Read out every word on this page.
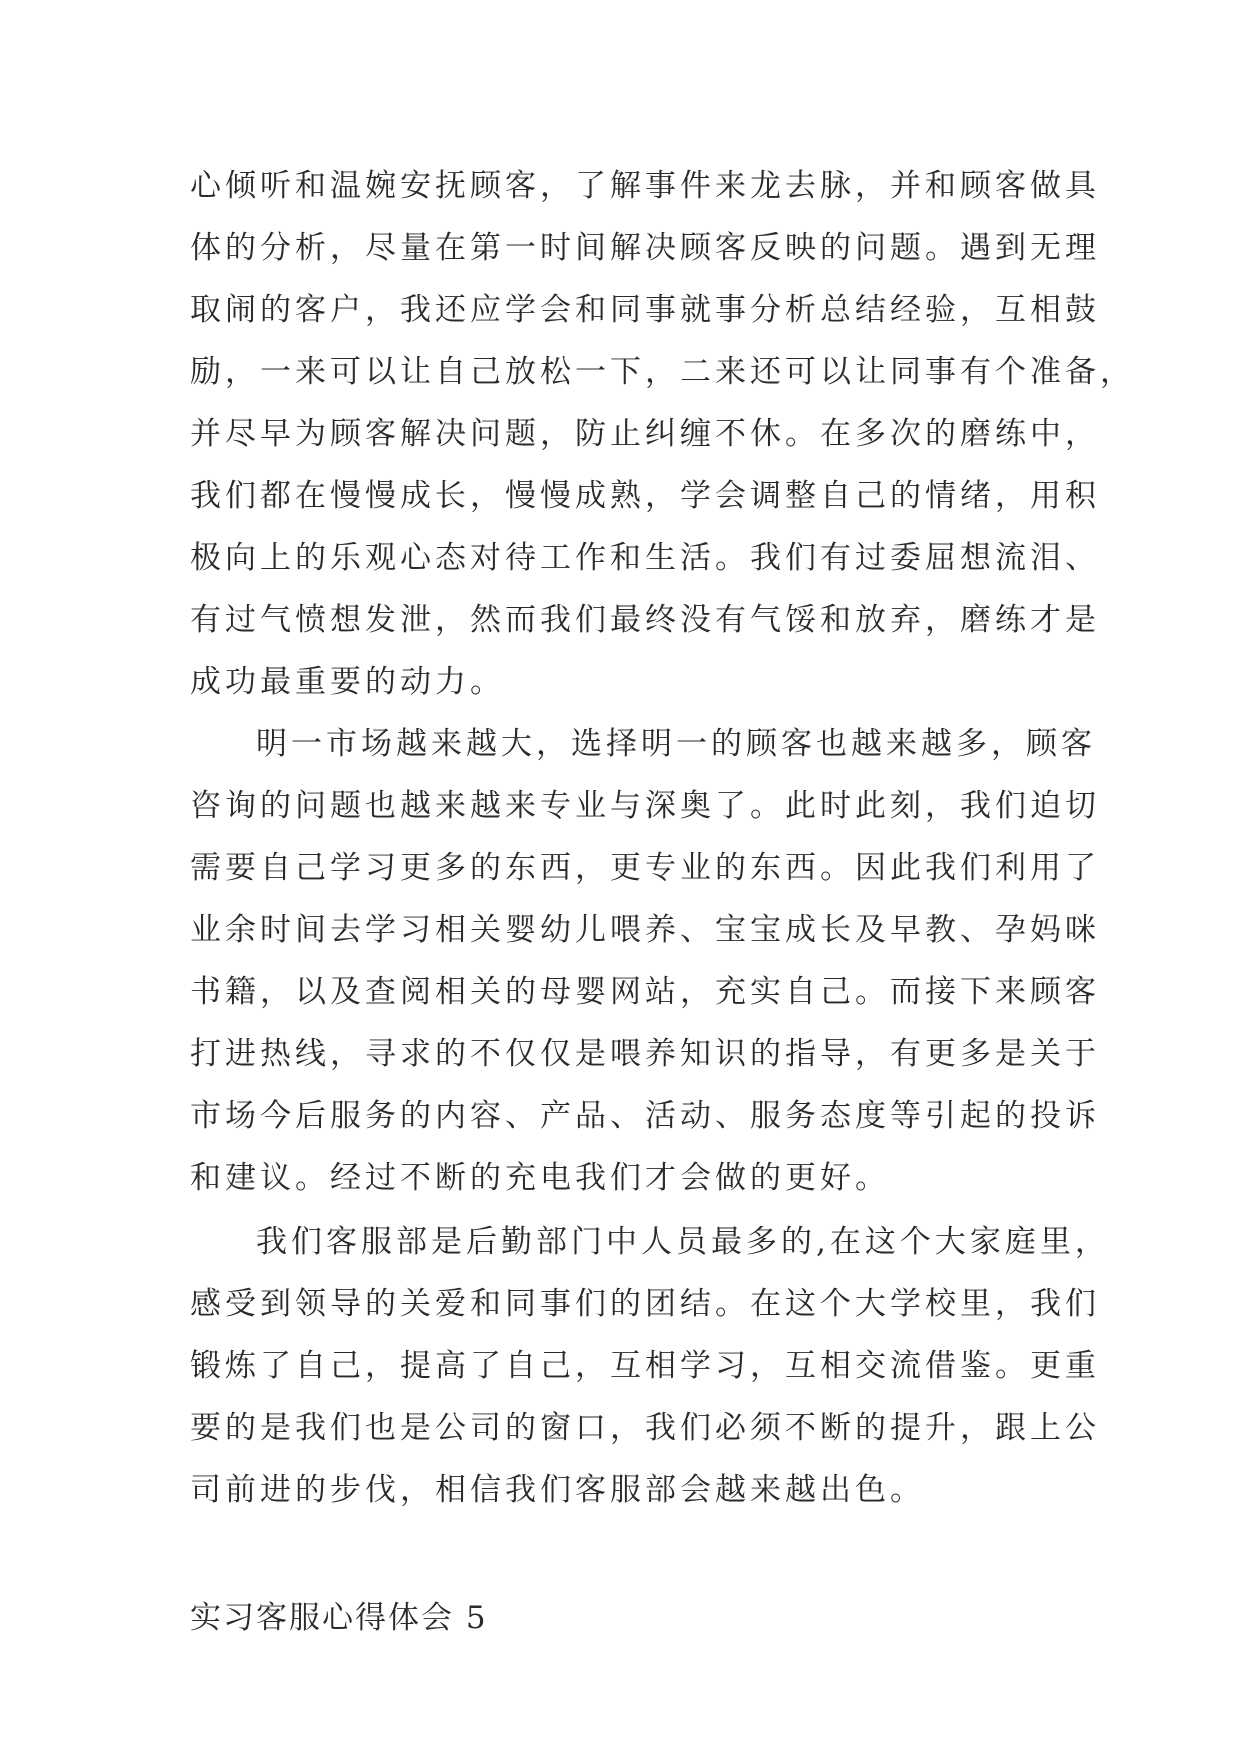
心倾听和温婉安抚顾客，了解事件来龙去脉，并和顾客做具
体的分析，尽量在第一时间解决顾客反映的问题。遇到无理
取闹的客户，我还应学会和同事就事分析总结经验，互相鼓
励，一来可以让自己放松一下，二来还可以让同事有个准备，
并尽早为顾客解决问题，防止纠缠不休。在多次的磨练中，
我们都在慢慢成长，慢慢成熟，学会调整自己的情绪，用积
极向上的乐观心态对待工作和生活。我们有过委屈想流泪、
有过气愤想发泄，然而我们最终没有气馁和放弃，磨练才是
成功最重要的动力。
明一市场越来越大，选择明一的顾客也越来越多，顾客
咨询的问题也越来越来专业与深奥了。此时此刻，我们迫切
需要自己学习更多的东西，更专业的东西。因此我们利用了
业余时间去学习相关婴幼儿喂养、宝宝成长及早教、孕妈咪
书籍，以及查阅相关的母婴网站，充实自己。而接下来顾客
打进热线，寻求的不仅仅是喂养知识的指导，有更多是关于
市场今后服务的内容、产品、活动、服务态度等引起的投诉
和建议。经过不断的充电我们才会做的更好。
我们客服部是后勤部门中人员最多的,在这个大家庭里，
感受到领导的关爱和同事们的团结。在这个大学校里，我们
锻炼了自己，提高了自己，互相学习，互相交流借鉴。更重
要的是我们也是公司的窗口，我们必须不断的提升，跟上公
司前进的步伐，相信我们客服部会越来越出色。
实习客服心得体会 5
